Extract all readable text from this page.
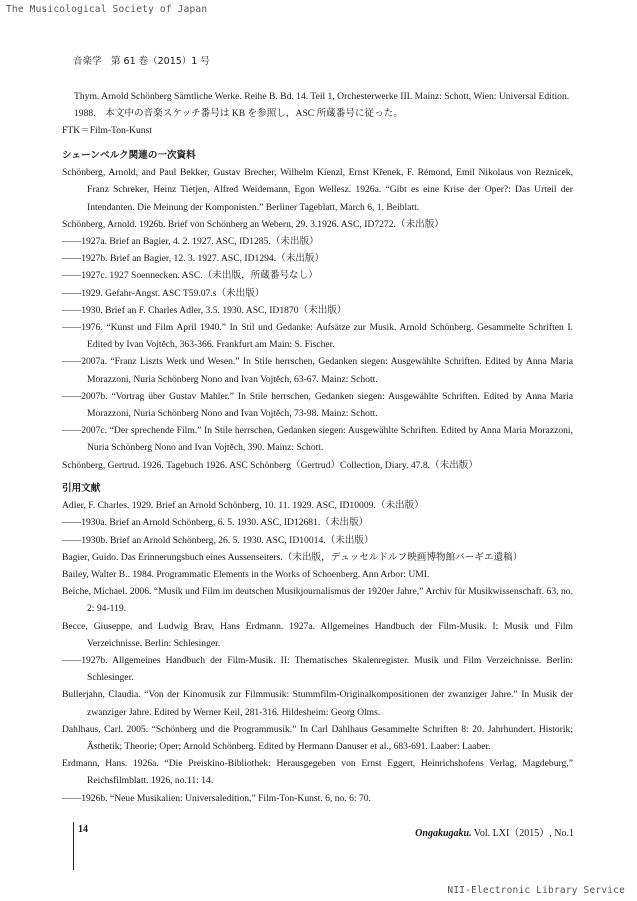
The Musicological Society of Japan
NII-Electronic Library Service
音楽学　第 61 巻（2015）1 号

Thym. Arnold Schönberg Sämtliche Werke. Reihe B. Bd. 14. Teil 1, Orchesterwerke III. Mainz: Schott, Wien: Universal Edition.　1988.　本文中の音楽スケッチ番号は KB を参照し，ASC 所蔵番号に従った。

FTK＝Film-Ton-Kunst

シェーンベルク関連の一次資料

Schönberg, Arnold, and Paul Bekker, Gustav Brecher, Wilhelm Kienzl, Ernst Křenek, F. Rémond, Emil Nikolaus von Reznicek, Franz Schreker, Heinz Tietjen, Alfred Weidemann, Egon Wellesz. 1926a. “Gibt es eine Krise der Oper?: Das Urteil der Intendanten. Die Meinung der Komponisten.” Berliner Tageblatt, March 6, 1. Beiblatt.

Schönberg, Arnold. 1926b. Brief von Schönberg an Webern, 29. 3.1926. ASC, ID7272.（未出版）

——1927a. Brief an Bagier, 4. 2. 1927. ASC, ID1285.（未出版）

——1927b. Brief an Bagier, 12. 3. 1927. ASC, ID1294.（未出版）

——1927c. 1927 Soennecken. ASC.（未出版，所蔵番号なし）

——1929. Gefahr-Angst. ASC T59.07.s（未出版）

——1930. Brief an F. Charles Adler, 3.5. 1930. ASC, ID1870（未出版）

——1976. “Kunst und Film April 1940.” In Stil und Gedanke: Aufsätze zur Musik. Arnold Schönberg. Gesammelte Schriften I. Edited by Ivan Vojtěch, 363-366. Frankfurt am Main: S. Fischer.

——2007a. “Franz Liszts Werk und Wesen.” In Stile herrschen, Gedanken siegen: Ausgewählte Schriften. Edited by Anna Maria Morazzoni, Nuria Schönberg Nono and Ivan Vojtěch, 63-67. Mainz: Schott.

——2007b. “Vortrag über Gustav Mahler.” In Stile herrschen, Gedanken siegen: Ausgewählte Schriften. Edited by Anna Maria Morazzoni, Nuria Schönberg Nono and Ivan Vojtěch, 73-98. Mainz: Schott.

——2007c. “Der sprechende Film.” In Stile herrschen, Gedanken siegen: Ausgewählte Schriften. Edited by Anna Maria Morazzoni, Nuria Schönberg Nono and Ivan Vojtěch, 390. Mainz: Schott.

Schönberg, Gertrud. 1926. Tagebuch 1926. ASC Schönberg（Gertrud）Collection, Diary. 47.8.（未出版）

引用文献

Adler, F. Charles. 1929. Brief an Arnold Schönberg, 10. 11. 1929. ASC, ID10009.（未出版）

——1930a. Brief an Arnold Schönberg, 6. 5. 1930. ASC, ID12681.（未出版）

——1930b. Brief an Arnold Schönberg, 26. 5. 1930. ASC, ID10014.（未出版）

Bagier, Guido. Das Erinnerungsbuch eines Aussenseiters.（未出版，デュッセルドルフ映画博物館バーギエ遺稿）

Bailey, Walter B.. 1984. Programmatic Elements in the Works of Schoenberg. Ann Arbor: UMI.

Beiche, Michael. 2006. “Musik und Film im deutschen Musikjournalismus der 1920er Jahre,” Archiv für Musikwissenschaft. 63, no. 2: 94-119.

Becce, Giuseppe, and Ludwig Brav, Hans Erdmann. 1927a. Allgemeines Handbuch der Film-Musik. I: Musik und Film Verzeichnisse. Berlin: Schlesinger.

——1927b. Allgemeines Handbuch der Film-Musik. II: Thematisches Skalenregister. Musik und Film Verzeichnisse. Berlin: Schlesinger.

Bullerjahn, Claudia. “Von der Kinomusik zur Filmmusik: Stummfilm-Originalkompositionen der zwanziger Jahre.” In Musik der zwanziger Jahre. Edited by Werner Keil, 281-316. Hildesheim: Georg Olms.

Dahlhaus, Carl. 2005. “Schönberg und die Programmusik.” In Carl Dahlhaus Gesammelte Schriften 8: 20. Jahrhundert. Historik; Ästhetik; Theorie; Oper; Arnold Schönberg. Edited by Hermann Danuser et al., 683-691. Laaber: Laaber.

Erdmann, Hans. 1926a. “Die Preiskino-Bibliothek: Herausgegeben von Ernst Eggert, Heinrichshofens Verlag, Magdeburg,” Reichsfilmblatt. 1926, no.11: 14.

——1926b. “Neue Musikalien: Universaledition,” Film-Ton-Kunst. 6, no. 6: 70.

14	Ongakugaku. Vol. LXI（2015）, No.1
